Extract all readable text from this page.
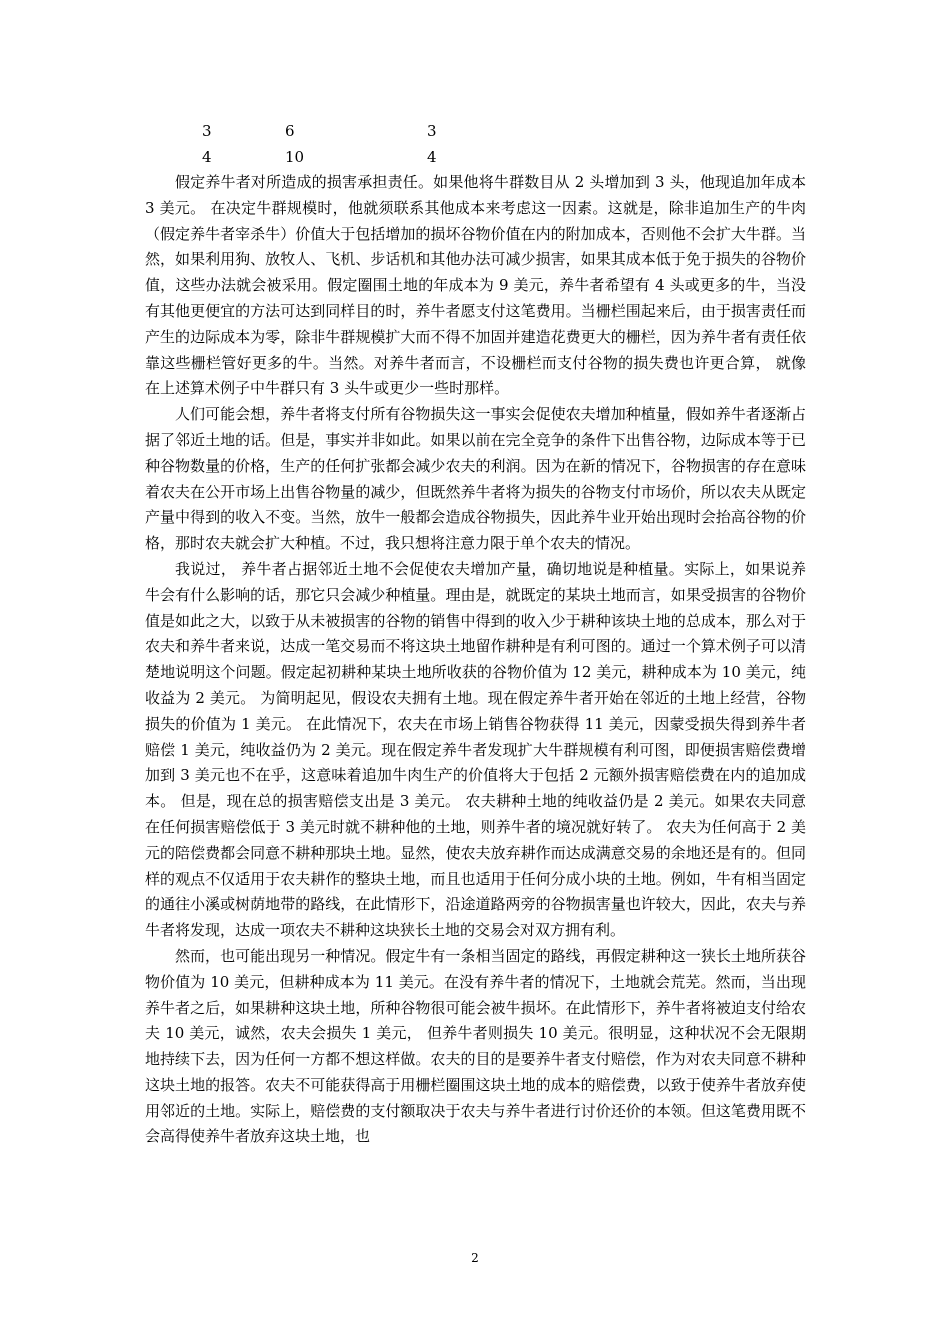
3	6	3
4	10	4

假定养牛者对所造成的损害承担责任。如果他将牛群数目从 2 头增加到 3 头，他现追加年成本 3 美元。 在决定牛群规模时，他就须联系其他成本来考虑这一因素。这就是，除非追加生产的牛肉（假定养牛者宰杀牛）价值大于包括增加的损坏谷物价值在内的附加成本，否则他不会扩大牛群。当然，如果利用狗、放牧人、飞机、步话机和其他办法可减少损害，如果其成本低于免于损失的谷物价值，这些办法就会被采用。假定圈围土地的年成本为 9 美元，养牛者希望有 4 头或更多的牛，当没有其他更便宜的方法可达到同样目的时，养牛者愿支付这笔费用。当栅栏围起来后，由于损害责任而产生的边际成本为零，除非牛群规模扩大而不得不加固并建造花费更大的栅栏，因为养牛者有责任依靠这些栅栏管好更多的牛。当然。对养牛者而言，不设栅栏而支付谷物的损失费也许更合算， 就像在上述算术例子中牛群只有 3 头牛或更少一些时那样。

人们可能会想，养牛者将支付所有谷物损失这一事实会促使农夫增加种植量，假如养牛者逐渐占据了邻近土地的话。但是，事实并非如此。如果以前在完全竞争的条件下出售谷物，边际成本等于已种谷物数量的价格，生产的任何扩张都会减少农夫的利润。因为在新的情况下，谷物损害的存在意味着农夫在公开市场上出售谷物量的减少，但既然养牛者将为损失的谷物支付市场价，所以农夫从既定产量中得到的收入不变。当然，放牛一般都会造成谷物损失，因此养牛业开始出现时会抬高谷物的价格，那时农夫就会扩大种植。不过，我只想将注意力限于单个农夫的情况。

我说过， 养牛者占据邻近土地不会促使农夫增加产量，确切地说是种植量。实际上，如果说养牛会有什么影响的话，那它只会减少种植量。理由是，就既定的某块土地而言，如果受损害的谷物价值是如此之大，以致于从未被损害的谷物的销售中得到的收入少于耕种该块土地的总成本，那么对于农夫和养牛者来说，达成一笔交易而不将这块土地留作耕种是有利可图的。通过一个算术例子可以清楚地说明这个问题。假定起初耕种某块土地所收获的谷物价值为 12 美元，耕种成本为 10 美元，纯收益为 2 美元。 为简明起见，假设农夫拥有土地。现在假定养牛者开始在邻近的土地上经营，谷物损失的价值为 1 美元。 在此情况下，农夫在市场上销售谷物获得 11 美元，因蒙受损失得到养牛者赔偿 1 美元，纯收益仍为 2 美元。现在假定养牛者发现扩大牛群规模有利可图，即便损害赔偿费增加到 3 美元也不在乎，这意味着追加牛肉生产的价值将大于包括 2 元额外损害赔偿费在内的追加成本。 但是，现在总的损害赔偿支出是 3 美元。 农夫耕种土地的纯收益仍是 2 美元。如果农夫同意在任何损害赔偿低于 3 美元时就不耕种他的土地，则养牛者的境况就好转了。 农夫为任何高于 2 美元的陪偿费都会同意不耕种那块土地。显然，使农夫放弃耕作而达成满意交易的余地还是有的。但同样的观点不仅适用于农夫耕作的整块土地，而且也适用于任何分成小块的土地。例如，牛有相当固定的通往小溪或树荫地带的路线，在此情形下，沿途道路两旁的谷物损害量也许较大，因此，农夫与养牛者将发现，达成一项农夫不耕种这块狭长土地的交易会对双方拥有利。

然而，也可能出现另一种情况。假定牛有一条相当固定的路线，再假定耕种这一狭长土地所获谷物价值为 10 美元，但耕种成本为 11 美元。在没有养牛者的情况下，土地就会荒芜。然而，当出现养牛者之后，如果耕种这块土地，所种谷物很可能会被牛损坏。在此情形下，养牛者将被迫支付给农夫 10 美元，诚然，农夫会损失 1 美元， 但养牛者则损失 10 美元。很明显，这种状况不会无限期地持续下去，因为任何一方都不想这样做。农夫的目的是要养牛者支付赔偿，作为对农夫同意不耕种这块土地的报答。农夫不可能获得高于用栅栏圈围这块土地的成本的赔偿费，以致于使养牛者放弃使用邻近的土地。实际上，赔偿费的支付额取决于农夫与养牛者进行讨价还价的本领。但这笔费用既不会高得使养牛者放弃这块土地，也

2
